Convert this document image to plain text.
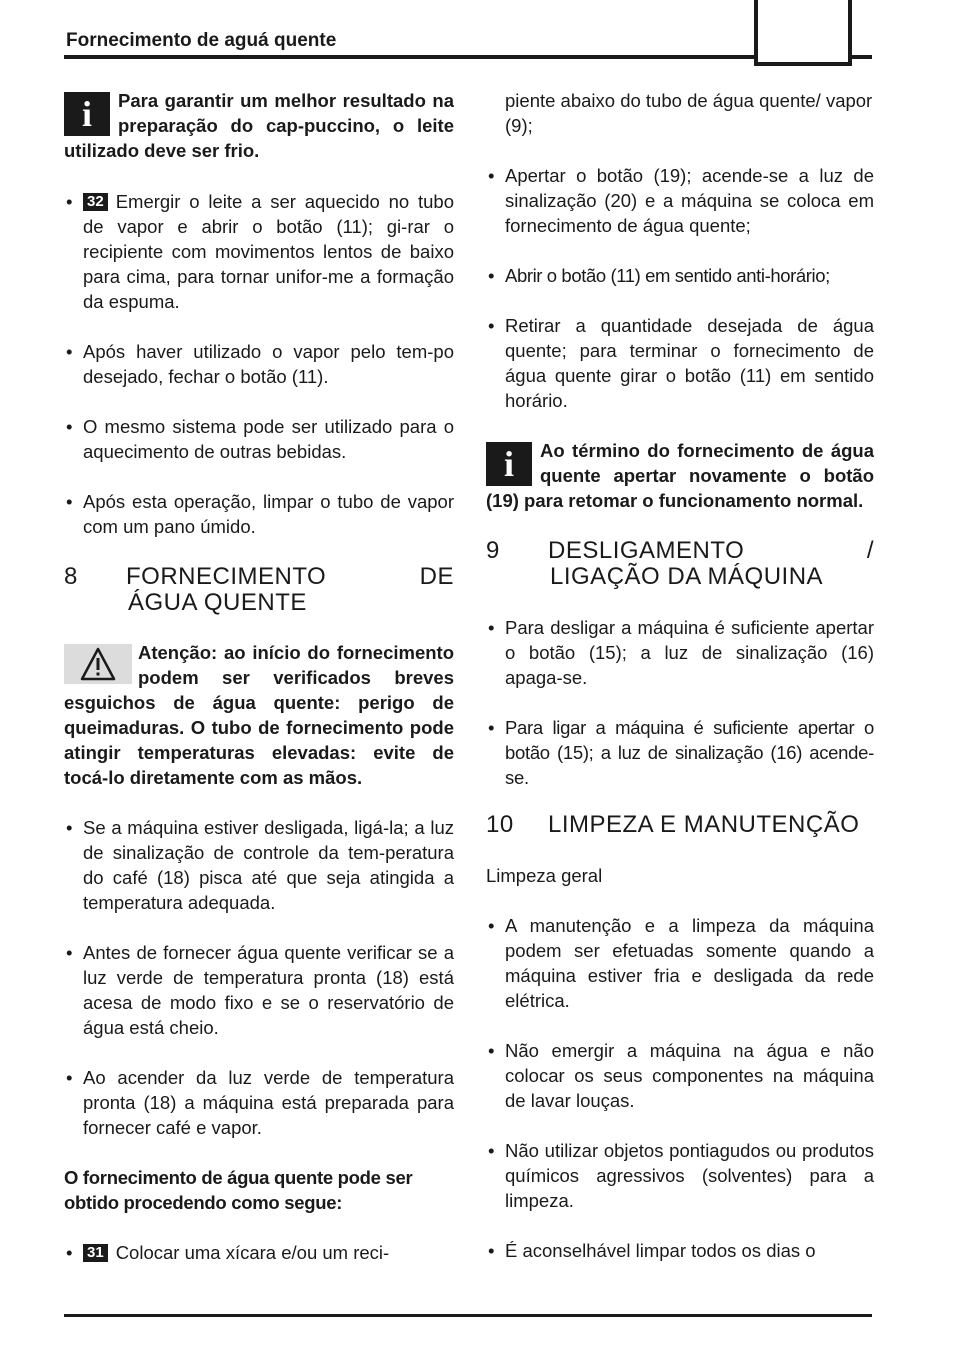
Fornecimento de aguá quente
i	Para garantir um melhor resultado na preparação do cap-puccino, o leite utilizado deve ser frio.
• 32 Emergir o leite a ser aquecido no tubo de vapor e abrir o botão (11); gi-rar o recipiente com movimentos lentos de baixo para cima, para tornar unifor-me a formação da espuma.
• Após haver utilizado o vapor pelo tem-po desejado, fechar o botão (11).
• O mesmo sistema pode ser utilizado para o aquecimento de outras bebidas.
• Após esta operação, limpar o tubo de vapor com um pano úmido.
8	FORNECIMENTO DE
ÁGUA QUENTE
Atenção: ao início do fornecimento podem ser verificados breves esguichos de água quente: perigo de queimaduras. O tubo de fornecimento pode atingir temperaturas elevadas: evite de tocá-lo diretamente com as mãos.
• Se a máquina estiver desligada, ligá-la; a luz de sinalização de controle da tem-peratura do café (18) pisca até que seja atingida a temperatura adequada.
• Antes de fornecer água quente verificar se a luz verde de temperatura pronta (18) está acesa de modo fixo e se o reservatório de água está cheio.
• Ao acender da luz verde de temperatura pronta (18) a máquina está preparada para fornecer café e vapor.

O fornecimento de água quente pode ser obtido procedendo como segue:

• 31 Colocar uma xícara e/ou um reci-

piente abaixo do tubo de água quente/ vapor (9);

• Apertar o botão (19); acende-se a luz de sinalização (20) e a máquina se coloca em fornecimento de água quente;
• Abrir o botão (11) em sentido anti-horário;
• Retirar a quantidade desejada de água quente; para terminar o fornecimento de água quente girar o botão (11) em sentido horário.
i	Ao término do fornecimento de água quente apertar novamente o botão (19) para retomar o funcionamento normal.
9	DESLIGAMENTO /
LIGAÇÃO DA MÁQUINA
• Para desligar a máquina é suficiente apertar o botão (15); a luz de sinalização (16) apaga-se.
• Para ligar a máquina é suficiente apertar o botão (15); a luz de sinalização (16) acende-se.
10 LIMPEZA E MANUTENÇÃO

Limpeza geral

• A manutenção e a limpeza da máquina podem ser efetuadas somente quando a máquina estiver fria e desligada da rede elétrica.
• Não emergir a máquina na água e não colocar os seus componentes na máquina de lavar louças.
• Não utilizar objetos pontiagudos ou produtos químicos agressivos (solventes) para a limpeza.
• É aconselhável limpar todos os dias o
